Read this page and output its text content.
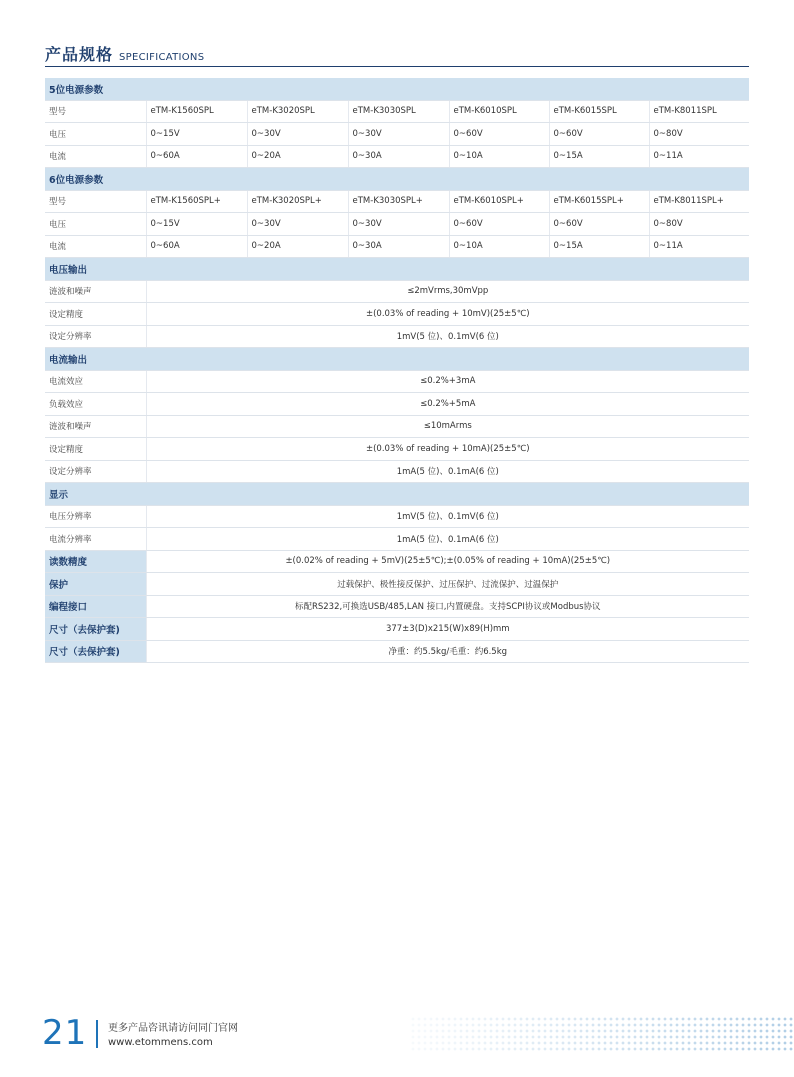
产品规格 SPECIFICATIONS
5位电源参数						
型号	eTM-K1560SPL	eTM-K3020SPL	eTM-K3030SPL	eTM-K6010SPL	eTM-K6015SPL	eTM-K8011SPL
电压	0~15V	0~30V	0~30V	0~60V	0~60V	0~80V
电流	0~60A	0~20A	0~30A	0~10A	0~15A	0~11A
6位电源参数						
型号	eTM-K1560SPL+	eTM-K3020SPL+	eTM-K3030SPL+	eTM-K6010SPL+	eTM-K6015SPL+	eTM-K8011SPL+
电压	0~15V	0~30V	0~30V	0~60V	0~60V	0~80V
电流	0~60A	0~20A	0~30A	0~10A	0~15A	0~11A
电压输出						
涟波和噪声	≤2mVrms,30mVpp					
设定精度	±(0.03% of reading + 10mV)(25±5℃)					
设定分辨率	1mV(5 位)、0.1mV(6 位)					
电流输出						
电流效应	≤0.2%+3mA					
负载效应	≤0.2%+5mA					
涟波和噪声	≤10mArms					
设定精度	±(0.03% of reading + 10mA)(25±5℃)					
设定分辨率	1mA(5 位)、0.1mA(6 位)					
显示						
电压分辨率	1mV(5 位)、0.1mV(6 位)					
电流分辨率	1mA(5 位)、0.1mA(6 位)					
读数精度	±(0.02% of reading + 5mV)(25±5℃);±(0.05% of reading + 10mA)(25±5℃)					
保护	过载保护、极性接反保护、过压保护、过流保护、过温保护					
编程接口	标配RS232,可换选USB/485,LAN 接口,内置硬盘。支持SCPI协议或Modbus协议					
尺寸（去保护套)	377±3(D)x215(W)x89(H)mm					
尺寸（去保护套)	净重：约5.5kg/毛重：约6.5kg					
21 更多产品咨讯请访问同门官网
www.etommens.com
